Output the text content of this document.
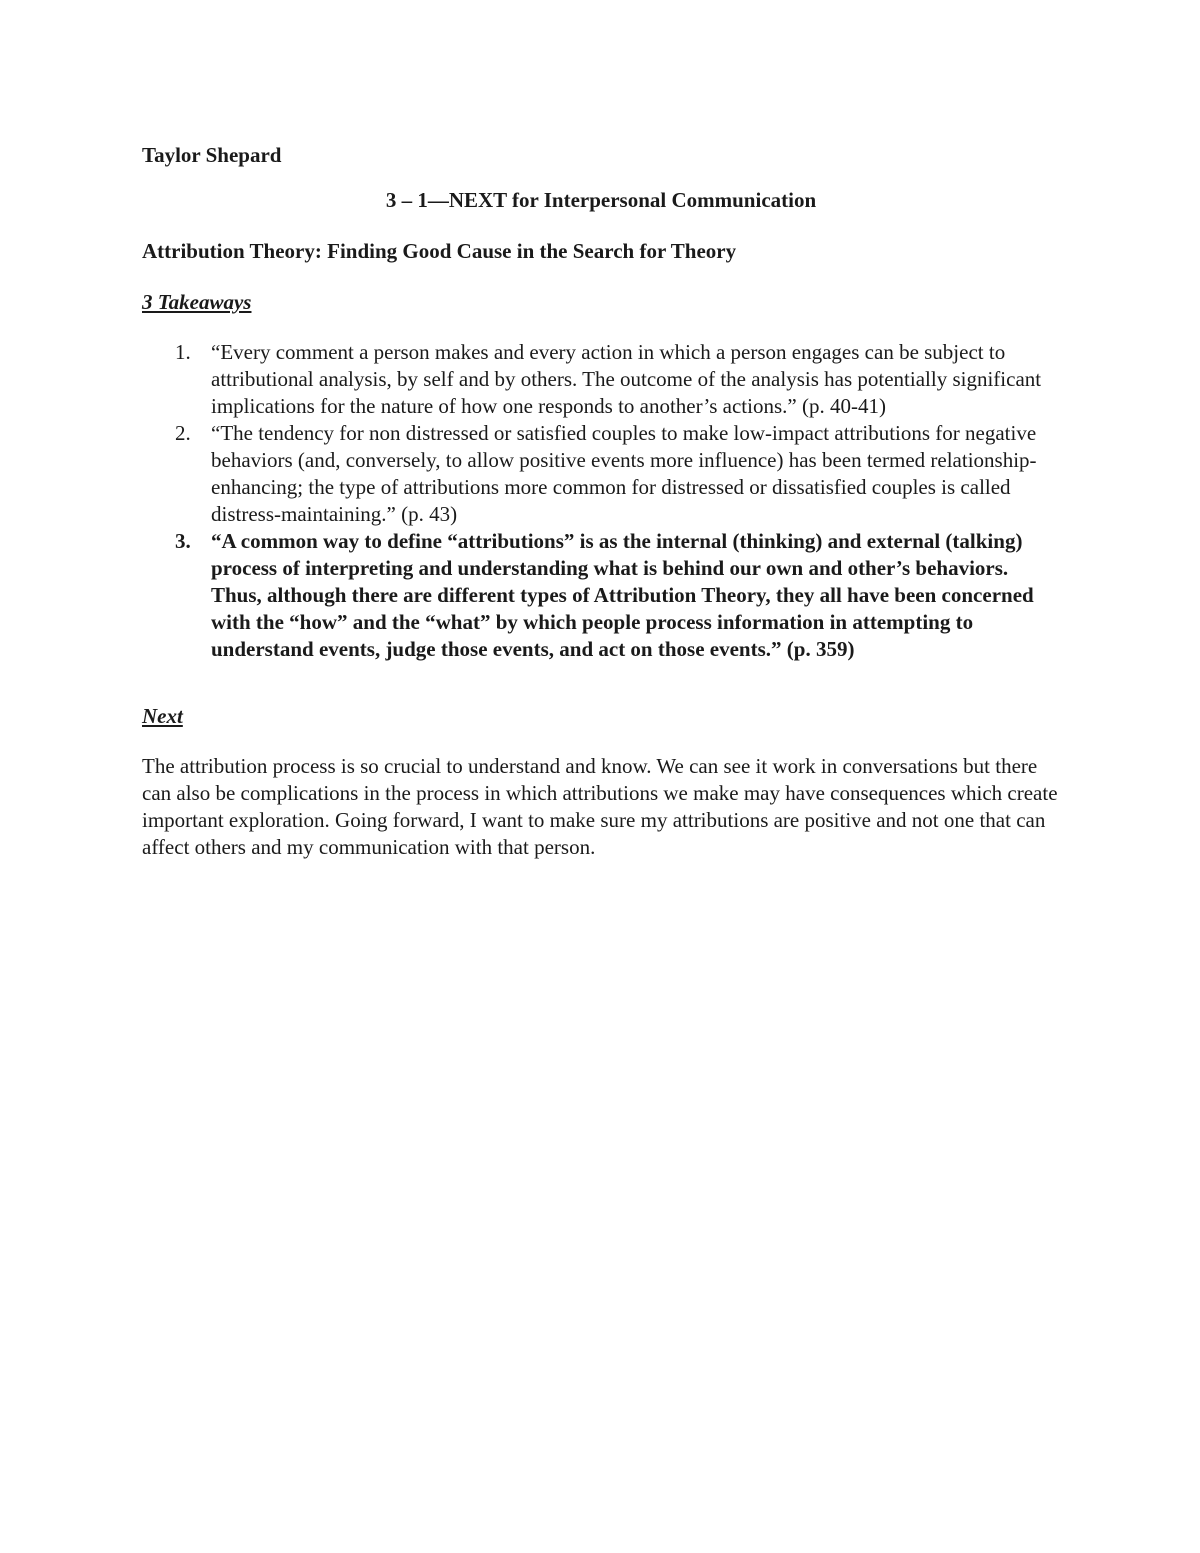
Taylor Shepard

3 – 1—NEXT for Interpersonal Communication

Attribution Theory: Finding Good Cause in the Search for Theory

3 Takeaways

1. “Every comment a person makes and every action in which a person engages can be subject to attributional analysis, by self and by others. The outcome of the analysis has potentially significant implications for the nature of how one responds to another’s actions.” (p. 40-41)
2. “The tendency for non distressed or satisfied couples to make low-impact attributions for negative behaviors (and, conversely, to allow positive events more influence) has been termed relationship-enhancing; the type of attributions more common for distressed or dissatisfied couples is called distress-maintaining.” (p. 43)
3. “A common way to define “attributions” is as the internal (thinking) and external (talking) process of interpreting and understanding what is behind our own and other’s behaviors. Thus, although there are different types of Attribution Theory, they all have been concerned with the “how” and the “what” by which people process information in attempting to understand events, judge those events, and act on those events.” (p. 359)

Next

The attribution process is so crucial to understand and know. We can see it work in conversations but there can also be complications in the process in which attributions we make may have consequences which create important exploration. Going forward, I want to make sure my attributions are positive and not one that can affect others and my communication with that person.
